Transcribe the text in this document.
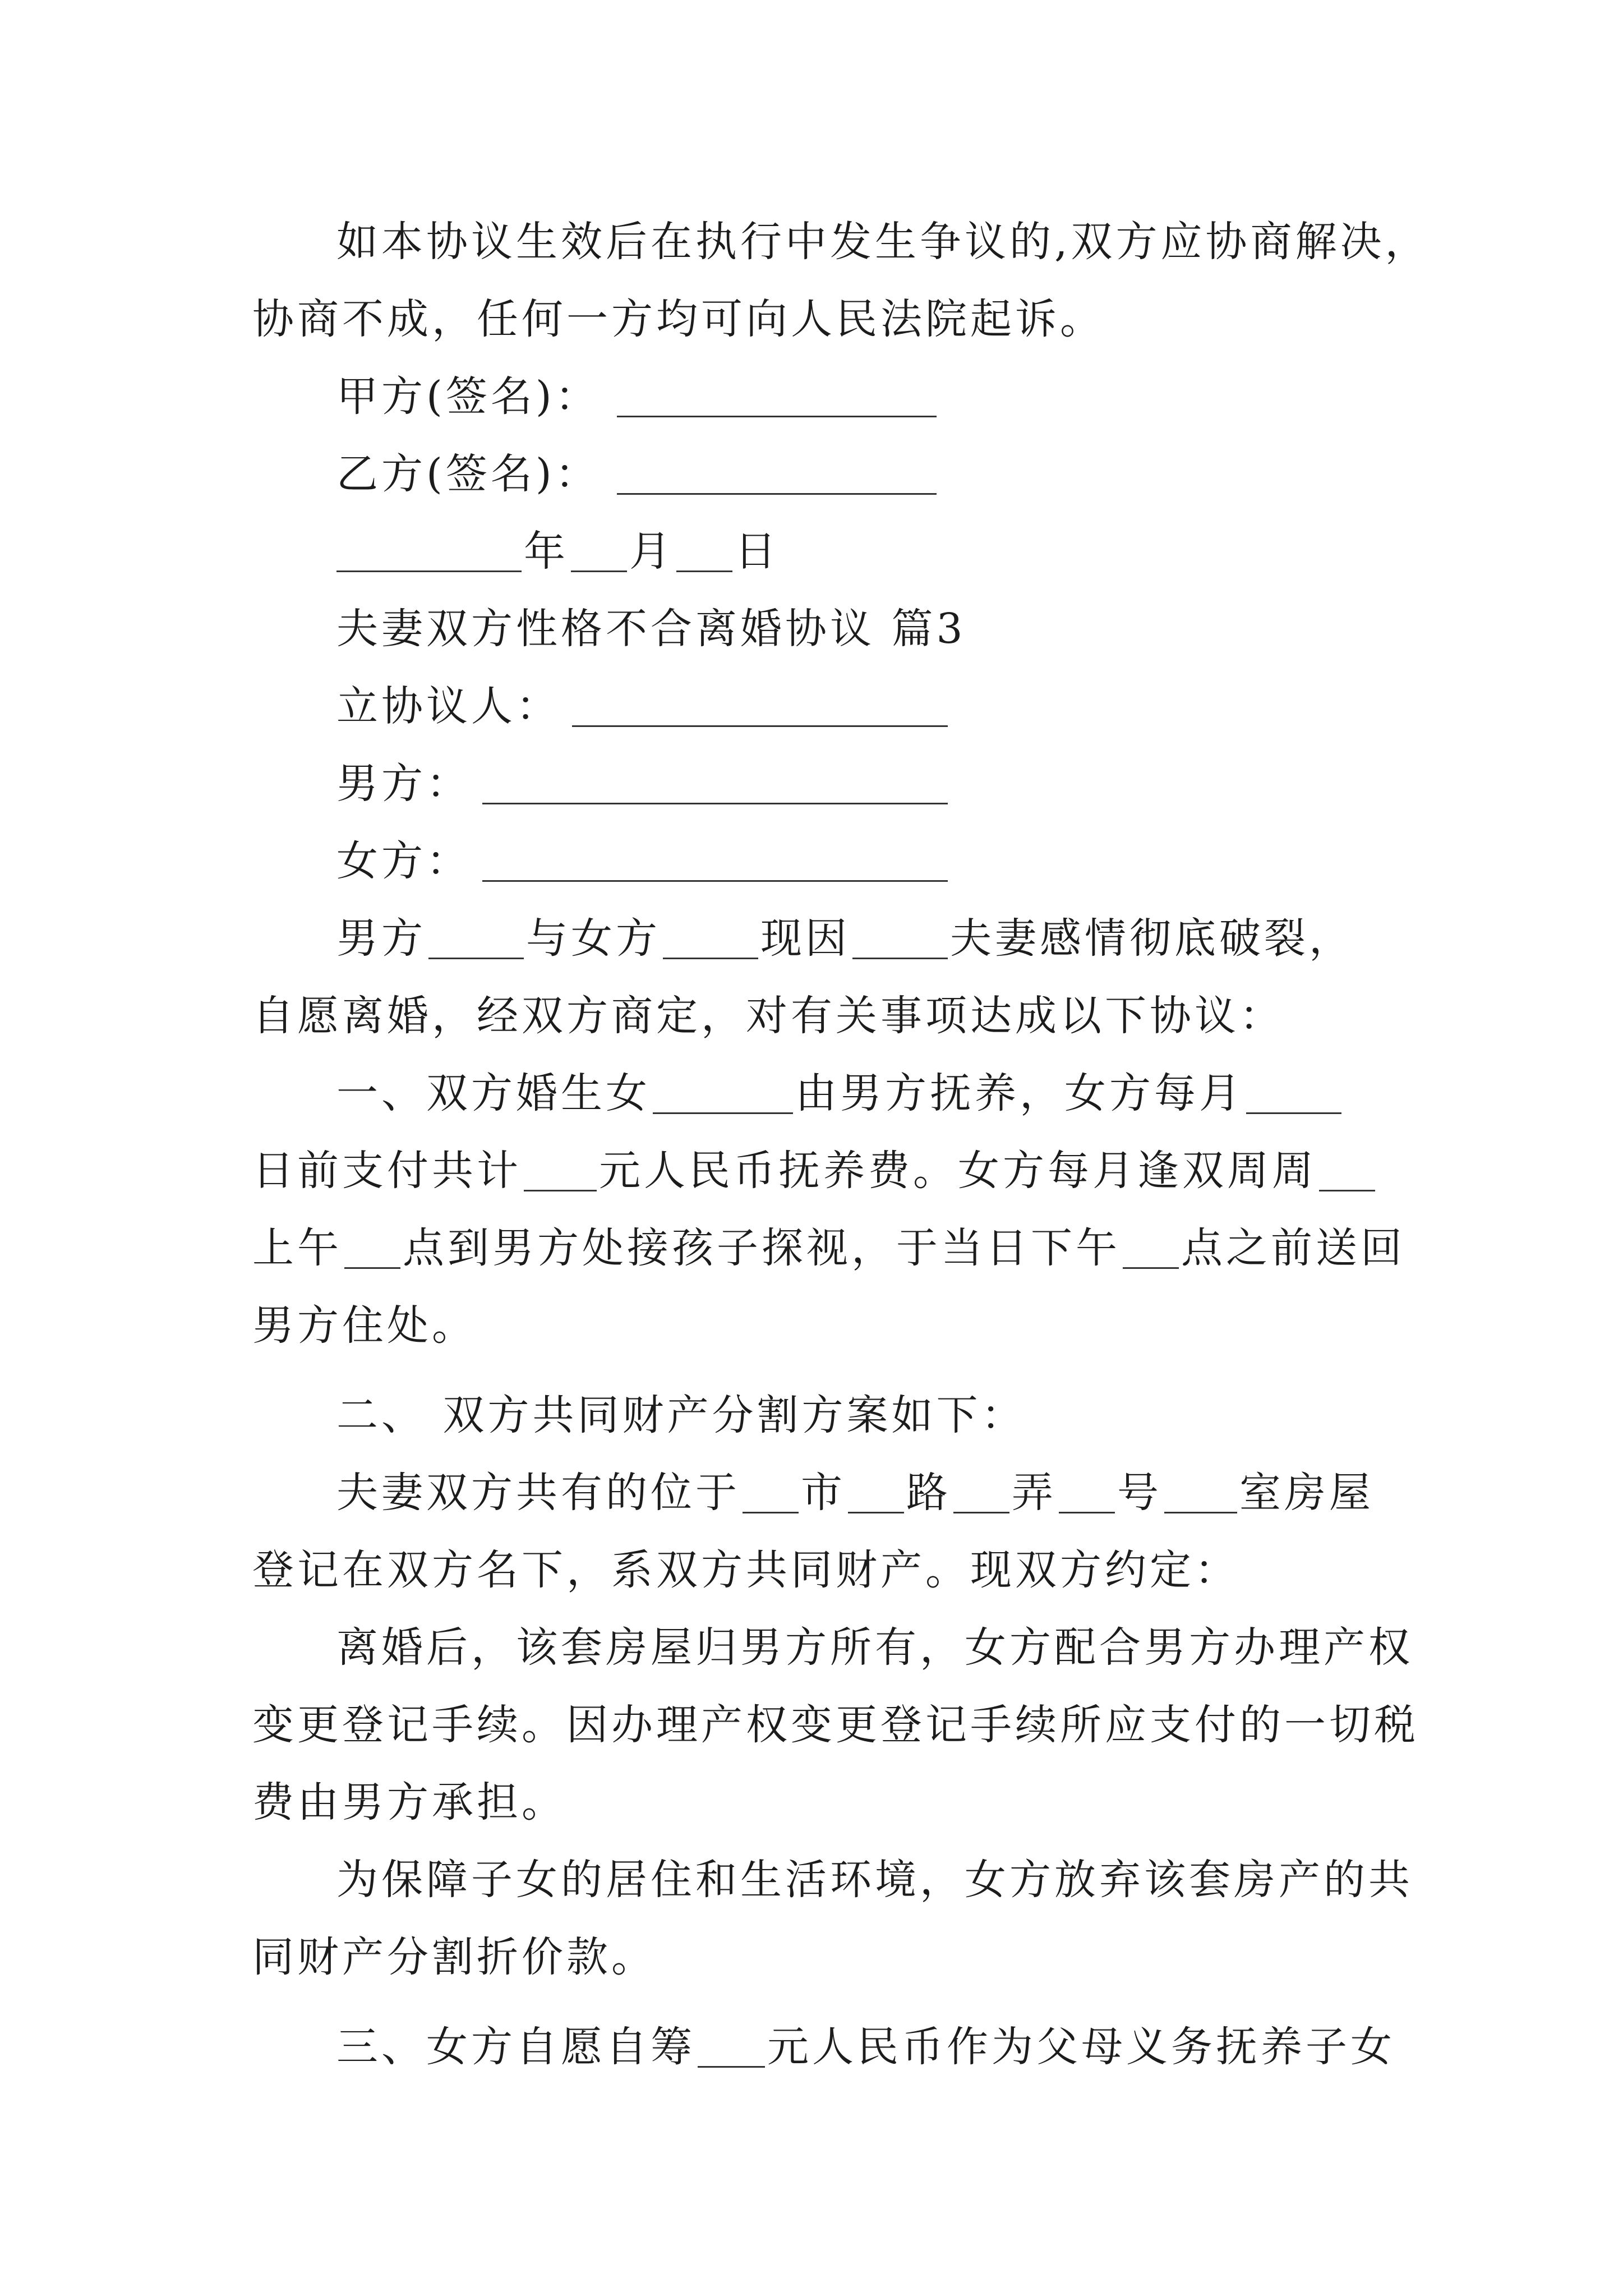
如本协议生效后在执行中发生争议的,双方应协商解决，
协商不成，任何一方均可向人民法院起诉。
甲方(签名)：
乙方(签名)：
年 月 日
夫妻双方性格不合离婚协议 篇3
立协议人：
男方：
女方：
男方 与女方 现因 夫妻感情彻底破裂，
自愿离婚，经双方商定，对有关事项达成以下协议：
一、双方婚生女	由男方抚养，女方每月
日前支付共计 元人民币抚养费。女方每月逢双周周
上午 点到男方处接孩子探视，于当日下午 点之前送回
男方住处。
二、 双方共同财产分割方案如下：
夫妻双方共有的位于 市 路 弄 号 室房屋
登记在双方名下，系双方共同财产。现双方约定：
离婚后，该套房屋归男方所有，女方配合男方办理产权
变更登记手续。因办理产权变更登记手续所应支付的一切税
费由男方承担。
为保障子女的居住和生活环境，女方放弃该套房产的共
同财产分割折价款。
三、女方自愿自筹 元人民币作为父母义务抚养子女
